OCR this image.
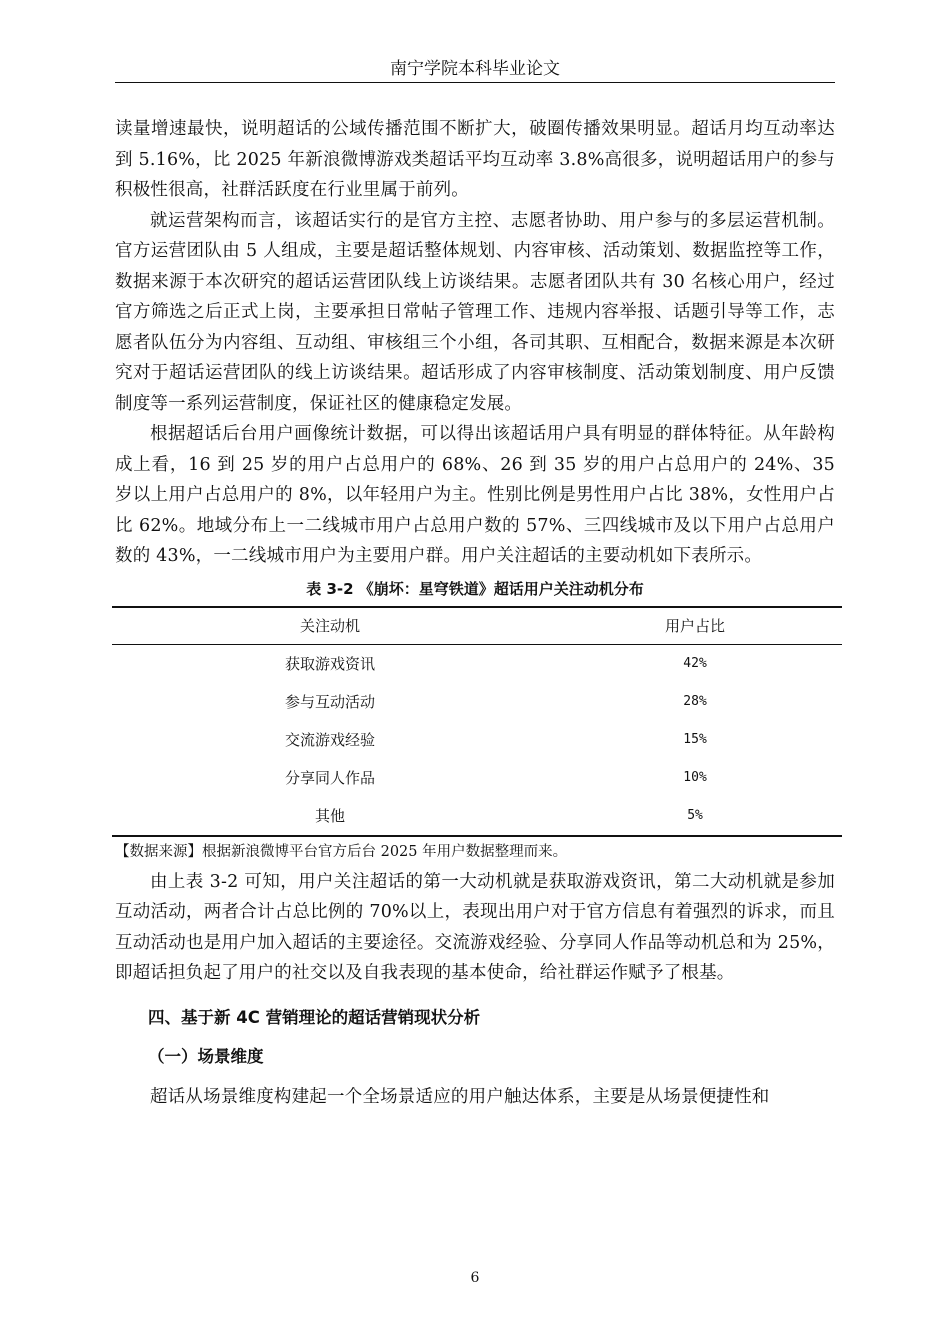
南宁学院本科毕业论文

读量增速最快，说明超话的公域传播范围不断扩大，破圈传播效果明显。超话月均互动率达到 5.16%，比 2025 年新浪微博游戏类超话平均互动率 3.8%高很多，说明超话用户的参与积极性很高，社群活跃度在行业里属于前列。

就运营架构而言，该超话实行的是官方主控、志愿者协助、用户参与的多层运营机制。官方运营团队由 5 人组成，主要是超话整体规划、内容审核、活动策划、数据监控等工作，数据来源于本次研究的超话运营团队线上访谈结果。志愿者团队共有 30 名核心用户，经过官方筛选之后正式上岗，主要承担日常帖子管理工作、违规内容举报、话题引导等工作，志愿者队伍分为内容组、互动组、审核组三个小组，各司其职、互相配合，数据来源是本次研究对于超话运营团队的线上访谈结果。超话形成了内容审核制度、活动策划制度、用户反馈制度等一系列运营制度，保证社区的健康稳定发展。

根据超话后台用户画像统计数据，可以得出该超话用户具有明显的群体特征。从年龄构成上看，16 到 25 岁的用户占总用户的 68%、26 到 35 岁的用户占总用户的 24%、35 岁以上用户占总用户的 8%，以年轻用户为主。性别比例是男性用户占比 38%，女性用户占比 62%。地域分布上一二线城市用户占总用户数的 57%、三四线城市及以下用户占总用户数的 43%，一二线城市用户为主要用户群。用户关注超话的主要动机如下表所示。

表 3-2 《崩坏：星穹铁道》超话用户关注动机分布
关注动机	用户占比
获取游戏资讯	42%
参与互动活动	28%
交流游戏经验	15%
分享同人作品	10%
其他	5%
【数据来源】根据新浪微博平台官方后台 2025 年用户数据整理而来。

由上表 3-2 可知，用户关注超话的第一大动机就是获取游戏资讯，第二大动机就是参加互动活动，两者合计占总比例的 70%以上，表现出用户对于官方信息有着强烈的诉求，而且互动活动也是用户加入超话的主要途径。交流游戏经验、分享同人作品等动机总和为 25%，即超话担负起了用户的社交以及自我表现的基本使命，给社群运作赋予了根基。

四、基于新 4C 营销理论的超话营销现状分析
（一）场景维度

超话从场景维度构建起一个全场景适应的用户触达体系，主要是从场景便捷性和

6
